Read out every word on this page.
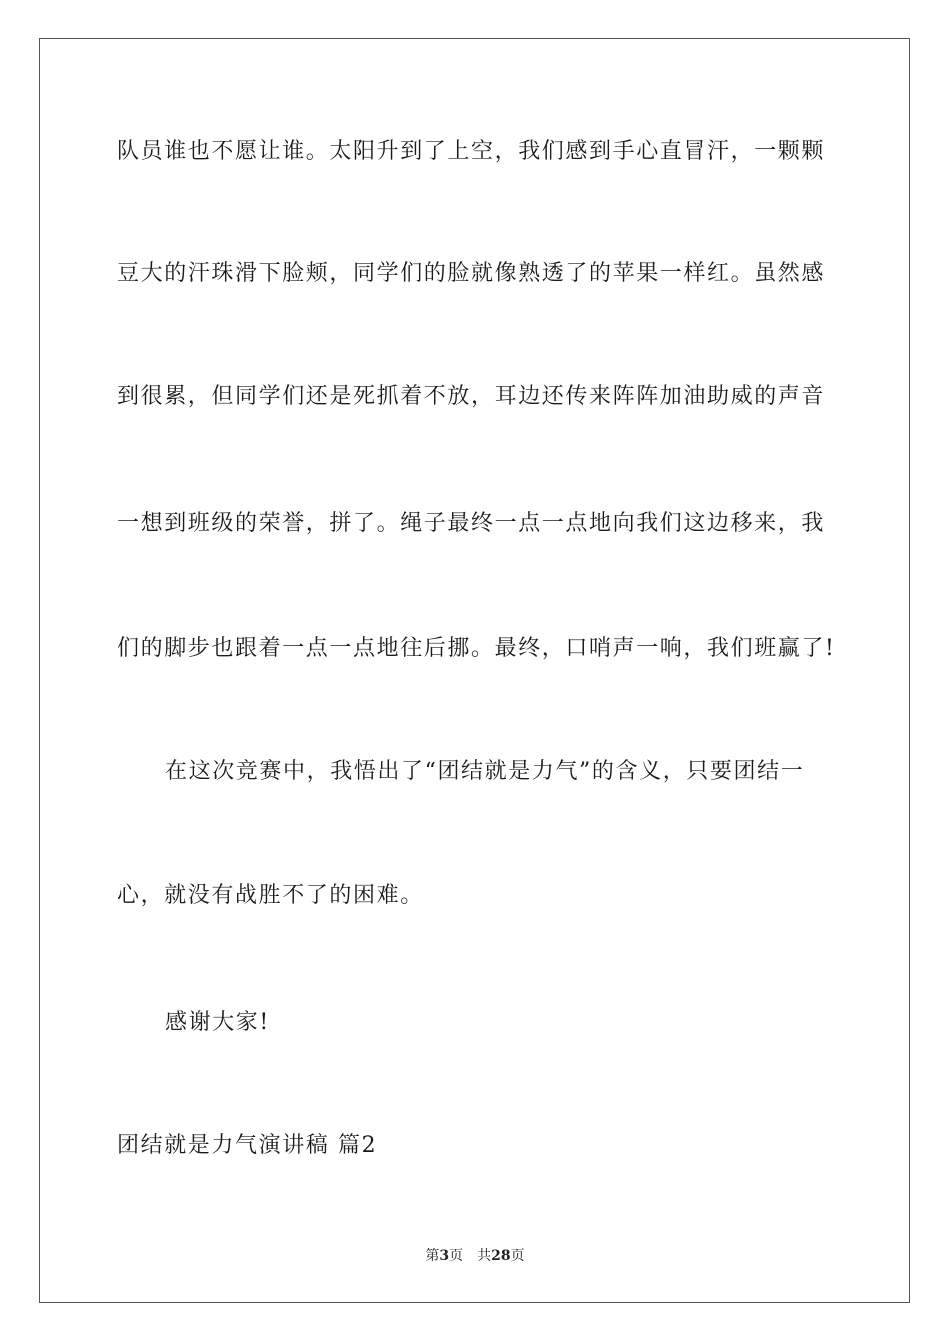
队员谁也不愿让谁。太阳升到了上空，我们感到手心直冒汗，一颗颗
豆大的汗珠滑下脸颊，同学们的脸就像熟透了的苹果一样红。虽然感
到很累，但同学们还是死抓着不放，耳边还传来阵阵加油助威的声音
一想到班级的荣誉，拼了。绳子最终一点一点地向我们这边移来，我
们的脚步也跟着一点一点地往后挪。最终，口哨声一响，我们班赢了!
在这次竞赛中，我悟出了“团结就是力气”的含义，只要团结一
心，就没有战胜不了的困难。
感谢大家!
团结就是力气演讲稿 篇2
第3页 共28页
